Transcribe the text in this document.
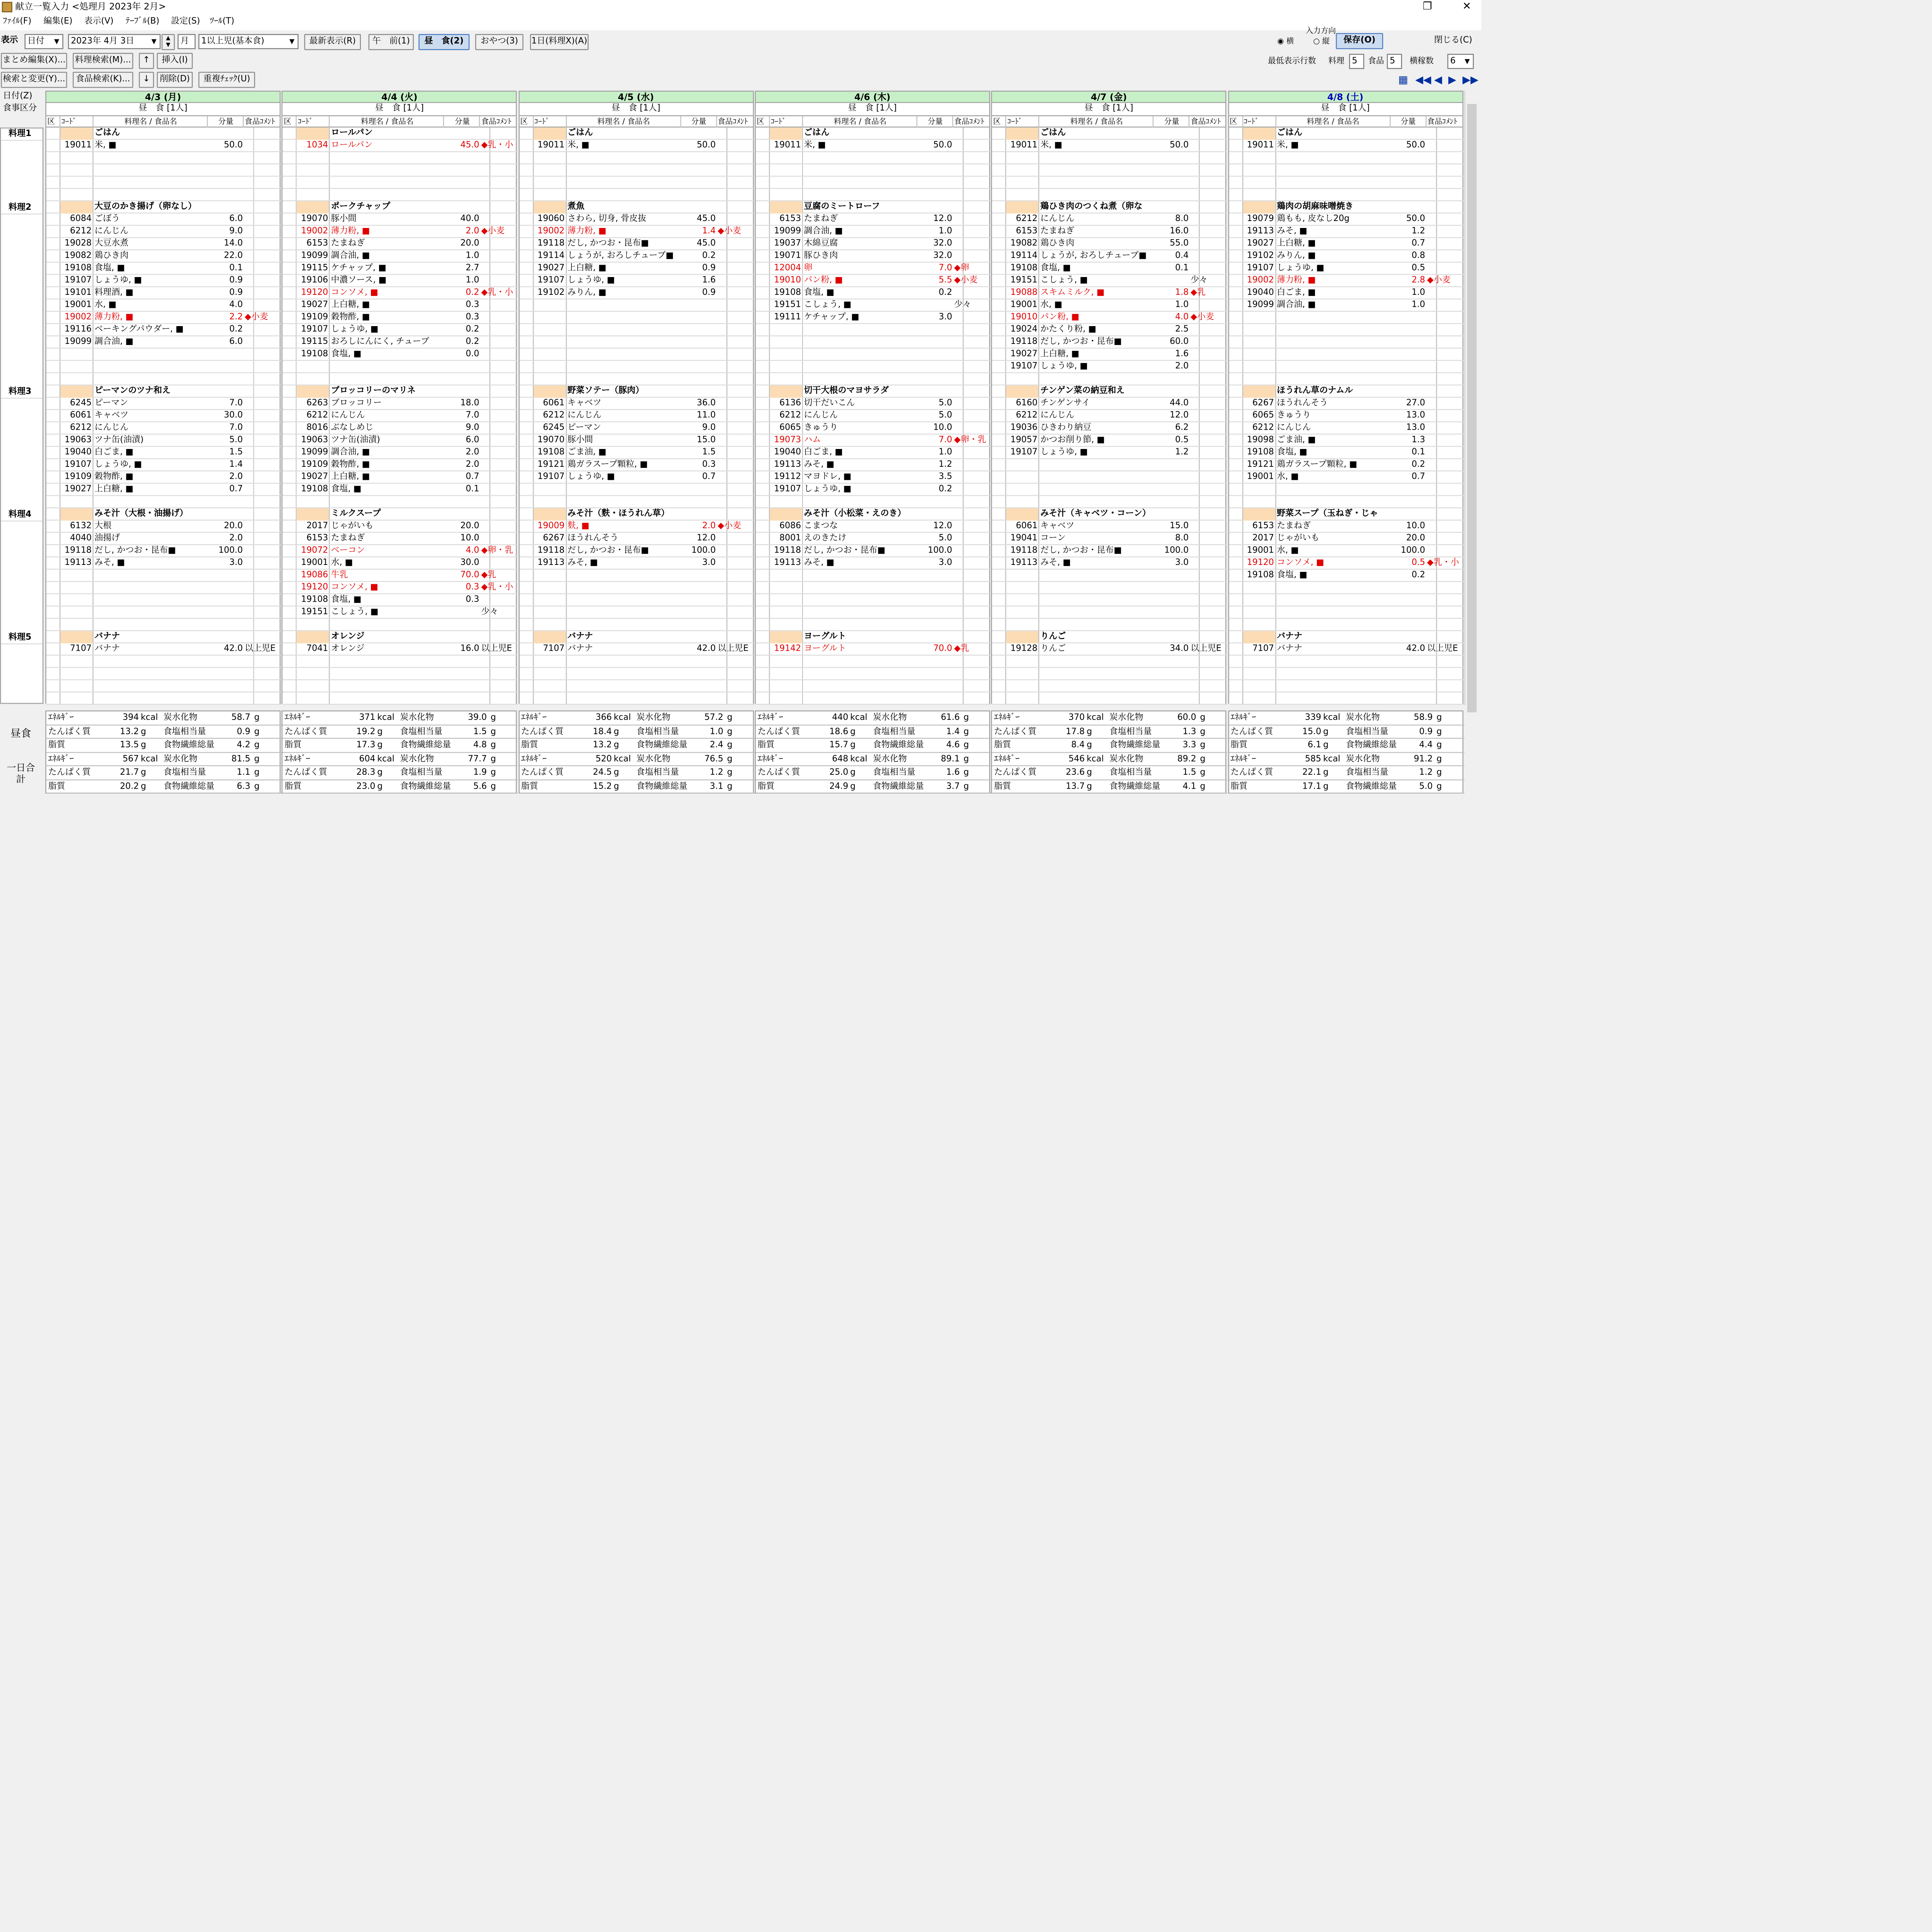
献立一覧入力 <処理月 2023年 2月>	❐	✕
ﾌｧｲﾙ(F)	編集(E)	表示(V)	ﾃｰﾌﾞﾙ(B)	設定(S)	ﾂｰﾙ(T)
表示	日付	▼	2023年 4月 3日	▼	▲
▼	月	1以上児(基本食)	▼	最新表示(R)	午　前(1)	昼　食(2)	おやつ(3)	1日(料理X)(A)
入力方向
◉ 横	○ 縦	保存(O)	閉じる(C)
まとめ編集(X)...	料理検索(M)...	↑	挿入(I)	最低表示行数	料理	5	食品	5	横稼数	6	▼
検索と変更(Y)...	食品検索(K)...	↓	削除(D)	重複ﾁｪｯｸ(U)	▦ ◀◀ ◀ ▶ ▶▶
日付(Z)
食事区分
料理1
料理2
料理3
料理4
料理5
昼食
一日合計
4/3 (月)
昼　食 [1人]
区	ｺｰﾄﾞ	料理名 / 食品名	分量	食品ｺﾒﾝﾄ
ごはん
19011 米, ■	50.0
大豆のかき揚げ（卵なし）
6084 ごぼう	6.0
6212 にんじん	9.0
19028 大豆水煮	14.0
19082 鶏ひき肉	22.0
19108 食塩, ■	0.1
19107 しょうゆ, ■	0.9
19101 料理酒, ■	0.9
19001 水, ■	4.0
19002 薄力粉, ■	2.2 ◆小麦
19116 ベーキングパウダー, ■	0.2
19099 調合油, ■	6.0
ピーマンのツナ和え
6245 ピーマン	7.0
6061 キャベツ	30.0
6212 にんじん	7.0
19063 ツナ缶(油漬)	5.0
19040 白ごま, ■	1.5
19107 しょうゆ, ■	1.4
19109 穀物酢, ■	2.0
19027 上白糖, ■	0.7
みそ汁（大根・油揚げ）
6132 大根	20.0
4040 油揚げ	2.0
19118 だし, かつお・昆布■	100.0
19113 みそ, ■	3.0
バナナ
7107 バナナ	42.0 以上児E
ｴﾈﾙｷﾞｰ	394 kcal	炭水化物	58.7 g
たんぱく質	13.2 g	食塩相当量	0.9 g
脂質	13.5 g	食物繊維総量	4.2 g
ｴﾈﾙｷﾞｰ	567 kcal	炭水化物	81.5 g
たんぱく質	21.7 g	食塩相当量	1.1 g
脂質	20.2 g	食物繊維総量	6.3 g
4/4 (火)
昼　食 [1人]
区	ｺｰﾄﾞ	料理名 / 食品名	分量	食品ｺﾒﾝﾄ
ロールパン
1034 ロールパン	45.0 ◆乳・小
ポークチャップ
19070 豚小間	40.0
19002 薄力粉, ■	2.0 ◆小麦
6153 たまねぎ	20.0
19099 調合油, ■	1.0
19115 ケチャップ, ■	2.7
19106 中濃ソース, ■	1.0
19120 コンソメ, ■	0.2 ◆乳・小
19027 上白糖, ■	0.3
19109 穀物酢, ■	0.3
19107 しょうゆ, ■	0.2
19115 おろしにんにく, チューブ	0.2
19108 食塩, ■	0.0
ブロッコリーのマリネ
6263 ブロッコリー	18.0
6212 にんじん	7.0
8016 ぶなしめじ	9.0
19063 ツナ缶(油漬)	6.0
19099 調合油, ■	2.0
19109 穀物酢, ■	2.0
19027 上白糖, ■	0.7
19108 食塩, ■	0.1
ミルクスープ
2017 じゃがいも	20.0
6153 たまねぎ	10.0
19072 ベーコン	4.0 ◆卵・乳
19001 水, ■	30.0
19086 牛乳	70.0 ◆乳
19120 コンソメ, ■	0.3 ◆乳・小
19108 食塩, ■	0.3
19151 こしょう, ■	少々
オレンジ
7041 オレンジ	16.0 以上児E
ｴﾈﾙｷﾞｰ	371 kcal	炭水化物	39.0 g
たんぱく質	19.2 g	食塩相当量	1.5 g
脂質	17.3 g	食物繊維総量	4.8 g
ｴﾈﾙｷﾞｰ	604 kcal	炭水化物	77.7 g
たんぱく質	28.3 g	食塩相当量	1.9 g
脂質	23.0 g	食物繊維総量	5.6 g
4/5 (水)
昼　食 [1人]
区	ｺｰﾄﾞ	料理名 / 食品名	分量	食品ｺﾒﾝﾄ
ごはん
19011 米, ■	50.0
煮魚
19060 さわら, 切身, 骨皮抜	45.0
19002 薄力粉, ■	1.4 ◆小麦
19118 だし, かつお・昆布■	45.0
19114 しょうが, おろしチューブ■	0.2
19027 上白糖, ■	0.9
19107 しょうゆ, ■	1.6
19102 みりん, ■	0.9
野菜ソテー（豚肉）
6061 キャベツ	36.0
6212 にんじん	11.0
6245 ピーマン	9.0
19070 豚小間	15.0
19108 ごま油, ■	1.5
19121 鶏ガラスープ顆粒, ■	0.3
19107 しょうゆ, ■	0.7
みそ汁（麩・ほうれん草）
19009 麩, ■	2.0 ◆小麦
6267 ほうれんそう	12.0
19118 だし, かつお・昆布■	100.0
19113 みそ, ■	3.0
バナナ
7107 バナナ	42.0 以上児E
ｴﾈﾙｷﾞｰ	366 kcal	炭水化物	57.2 g
たんぱく質	18.4 g	食塩相当量	1.0 g
脂質	13.2 g	食物繊維総量	2.4 g
ｴﾈﾙｷﾞｰ	520 kcal	炭水化物	76.5 g
たんぱく質	24.5 g	食塩相当量	1.2 g
脂質	15.2 g	食物繊維総量	3.1 g
4/6 (木)
昼　食 [1人]
区	ｺｰﾄﾞ	料理名 / 食品名	分量	食品ｺﾒﾝﾄ
ごはん
19011 米, ■	50.0
豆腐のミートローフ
6153 たまねぎ	12.0
19099 調合油, ■	1.0
19037 木綿豆腐	32.0
19071 豚ひき肉	32.0
12004 卵	7.0 ◆卵
19010 パン粉, ■	5.5 ◆小麦
19108 食塩, ■	0.2
19151 こしょう, ■	少々
19111 ケチャップ, ■	3.0
切干大根のマヨサラダ
6136 切干だいこん	5.0
6212 にんじん	5.0
6065 きゅうり	10.0
19073 ハム	7.0 ◆卵・乳
19040 白ごま, ■	1.0
19113 みそ, ■	1.2
19112 マヨドレ, ■	3.5
19107 しょうゆ, ■	0.2
みそ汁（小松菜・えのき）
6086 こまつな	12.0
8001 えのきたけ	5.0
19118 だし, かつお・昆布■	100.0
19113 みそ, ■	3.0
ヨーグルト
19142 ヨーグルト	70.0 ◆乳
ｴﾈﾙｷﾞｰ	440 kcal	炭水化物	61.6 g
たんぱく質	18.6 g	食塩相当量	1.4 g
脂質	15.7 g	食物繊維総量	4.6 g
ｴﾈﾙｷﾞｰ	648 kcal	炭水化物	89.1 g
たんぱく質	25.0 g	食塩相当量	1.6 g
脂質	24.9 g	食物繊維総量	3.7 g
4/7 (金)
昼　食 [1人]
区	ｺｰﾄﾞ	料理名 / 食品名	分量	食品ｺﾒﾝﾄ
ごはん
19011 米, ■	50.0
鶏ひき肉のつくね煮（卵な
6212 にんじん	8.0
6153 たまねぎ	16.0
19082 鶏ひき肉	55.0
19114 しょうが, おろしチューブ■	0.4
19108 食塩, ■	0.1
19151 こしょう, ■	少々
19088 スキムミルク, ■	1.8 ◆乳
19001 水, ■	1.0
19010 パン粉, ■	4.0 ◆小麦
19024 かたくり粉, ■	2.5
19118 だし, かつお・昆布■	60.0
19027 上白糖, ■	1.6
19107 しょうゆ, ■	2.0
チンゲン菜の納豆和え
6160 チンゲンサイ	44.0
6212 にんじん	12.0
19036 ひきわり納豆	6.2
19057 かつお削り節, ■	0.5
19107 しょうゆ, ■	1.2
みそ汁（キャベツ・コーン）
6061 キャベツ	15.0
19041 コーン	8.0
19118 だし, かつお・昆布■	100.0
19113 みそ, ■	3.0
りんご
19128 りんご	34.0 以上児E
ｴﾈﾙｷﾞｰ	370 kcal	炭水化物	60.0 g
たんぱく質	17.8 g	食塩相当量	1.3 g
脂質	8.4 g	食物繊維総量	3.3 g
ｴﾈﾙｷﾞｰ	546 kcal	炭水化物	89.2 g
たんぱく質	23.6 g	食塩相当量	1.5 g
脂質	13.7 g	食物繊維総量	4.1 g
4/8 (土)
昼　食 [1人]
区	ｺｰﾄﾞ	料理名 / 食品名	分量	食品ｺﾒﾝﾄ
ごはん
19011 米, ■	50.0
鶏肉の胡麻味噌焼き
19079 鶏もも, 皮なし20g	50.0
19113 みそ, ■	1.2
19027 上白糖, ■	0.7
19102 みりん, ■	0.8
19107 しょうゆ, ■	0.5
19002 薄力粉, ■	2.8 ◆小麦
19040 白ごま, ■	1.0
19099 調合油, ■	1.0
ほうれん草のナムル
6267 ほうれんそう	27.0
6065 きゅうり	13.0
6212 にんじん	13.0
19098 ごま油, ■	1.3
19108 食塩, ■	0.1
19121 鶏ガラスープ顆粒, ■	0.2
19001 水, ■	0.7
野菜スープ（玉ねぎ・じゃ
6153 たまねぎ	10.0
2017 じゃがいも	20.0
19001 水, ■	100.0
19120 コンソメ, ■	0.5 ◆乳・小
19108 食塩, ■	0.2
バナナ
7107 バナナ	42.0 以上児E
ｴﾈﾙｷﾞｰ	339 kcal	炭水化物	58.9 g
たんぱく質	15.0 g	食塩相当量	0.9 g
脂質	6.1 g	食物繊維総量	4.4 g
ｴﾈﾙｷﾞｰ	585 kcal	炭水化物	91.2 g
たんぱく質	22.1 g	食塩相当量	1.2 g
脂質	17.1 g	食物繊維総量	5.0 g
